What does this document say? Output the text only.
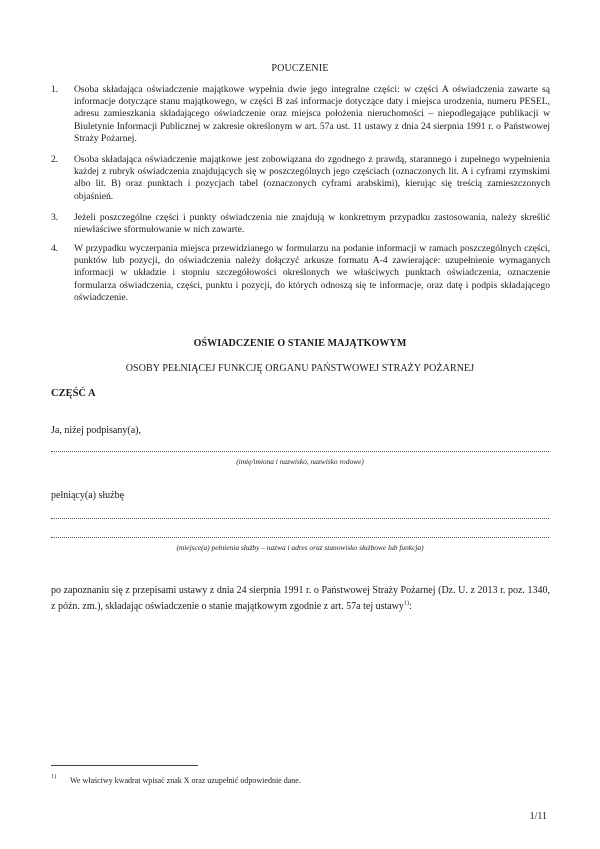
POUCZENIE
1.	Osoba składająca oświadczenie majątkowe wypełnia dwie jego integralne części: w części A oświadczenia zawarte są informacje dotyczące stanu majątkowego, w części B zaś informacje dotyczące daty i miejsca urodzenia, numeru PESEL, adresu zamieszkania składającego oświadczenie oraz miejsca położenia nieruchomości – niepodlegające publikacji w Biuletynie Informacji Publicznej w zakresie określonym w art. 57a ust. 11 ustawy z dnia 24 sierpnia 1991 r. o Państwowej Straży Pożarnej.
2.	Osoba składająca oświadczenie majątkowe jest zobowiązana do zgodnego z prawdą, starannego i zupełnego wypełnienia każdej z rubryk oświadczenia znajdujących się w poszczególnych jego częściach (oznaczonych lit. A i cyframi rzymskimi albo lit. B) oraz punktach i pozycjach tabel (oznaczonych cyframi arabskimi), kierując się treścią zamieszczonych objaśnień.
3.	Jeżeli poszczególne części i punkty oświadczenia nie znajdują w konkretnym przypadku zastosowania, należy skreślić niewłaściwe sformułowanie w nich zawarte.
4.	W przypadku wyczerpania miejsca przewidzianego w formularzu na podanie informacji w ramach poszczególnych części, punktów lub pozycji, do oświadczenia należy dołączyć arkusze formatu A-4 zawierające: uzupełnienie wymaganych informacji w układzie i stopniu szczegółowości określonych we właściwych punktach oświadczenia, oznaczenie formularza oświadczenia, części, punktu i pozycji, do których odnoszą się te informacje, oraz datę i podpis składającego oświadczenie.
OŚWIADCZENIE O STANIE MAJĄTKOWYM
OSOBY PEŁNIĄCEJ FUNKCJĘ ORGANU PAŃSTWOWEJ STRAŻY POŻARNEJ
CZĘŚĆ A
Ja, niżej podpisany(a),
(imię/imiona i nazwisko, nazwisko rodowe)
pełniący(a) służbę
(miejsce(a) pełnienia służby – nazwa i adres oraz stanowisko służbowe lub funkcja)
po zapoznaniu się z przepisami ustawy z dnia 24 sierpnia 1991 r. o Państwowej Straży Pożarnej (Dz. U. z 2013 r. poz. 1340, z późn. zm.), składając oświadczenie o stanie majątkowym zgodnie z art. 57a tej ustawy$^{1)}$:
1) We właściwy kwadrat wpisać znak X oraz uzupełnić odpowiednie dane.
1/11
